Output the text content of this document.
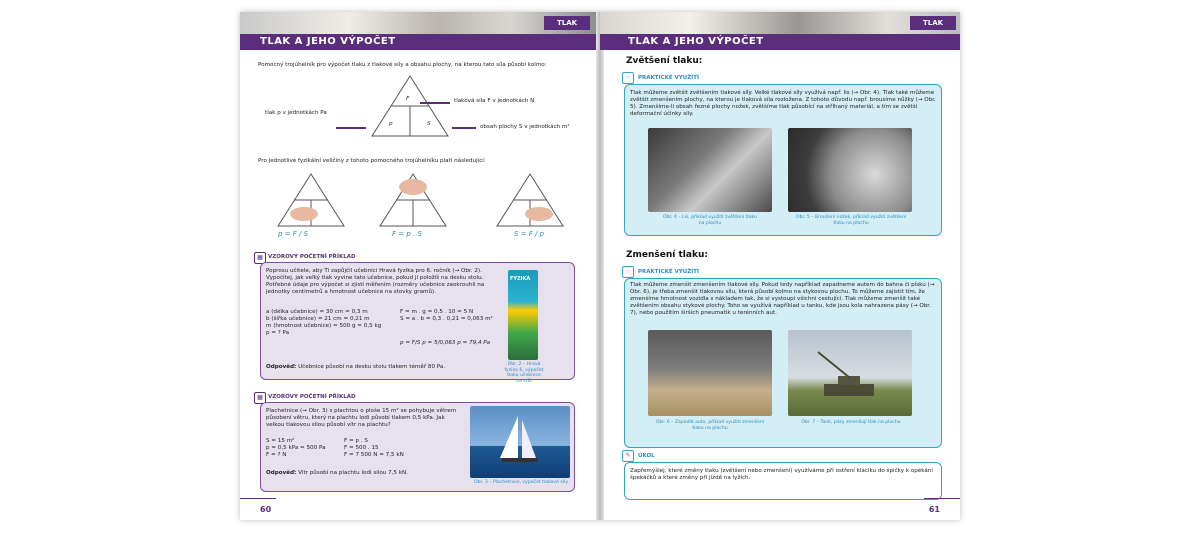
TLAK
TLAK A JEHO VÝPOČET
Pomocný trojúhelník pro výpočet tlaku z tlakové síly a obsahu plochy, na kterou tato síla působí kolmo:
F
p	S
tlaková síla F v jednotkách N
tlak p v jednotkách Pa
obsah plochy S v jednotkách m²
Pro jednotlivé fyzikální veličiny z tohoto pomocného trojúhelníku platí následující:
p = F / S	F = p . S	S = F / p
▦ VZOROVÝ POČETNÍ PŘÍKLAD
Poprosu učitele, aby Ti zapůjčil učebnici Hravá fyzika pro 6. ročník (→ Obr. 2). Vypočítej, jak velký tlak vyvine tato učebnice, pokud ji položíš na desku stolu. Potřebné údaje pro výpočet si zjisti měřením (rozměry učebnice zaokrouhli na jednotky centimetrů a hmotnost učebnice na stovky gramů).
a (délka učebnice) = 30 cm = 0,3 m
b (šířka učebnice) = 21 cm = 0,21 m
m (hmotnost učebnice) = 500 g = 0,5 kg
p = ? Pa
F = m . g = 0,5 . 10 = 5 N
S = a . b = 0,3 . 0,21 = 0,063 m²
p = F/S p = 5/0,063 p = 79,4 Pa
Odpověď: Učebnice působí na desku stolu tlakem téměř 80 Pa.
FYZIKA
Obr. 2 – Hravá fyzika 6, výpočet tlaku učebnice na stůl
▦ VZOROVÝ POČETNÍ PŘÍKLAD
Plachetnice (→ Obr. 3) s plachtou o ploše 15 m² se pohybuje větrem působení větru, který na plachtu lodi působí tlakem 0,5 kPa. Jak velkou tlakovou silou působí vítr na plachtu?
S = 15 m²
p = 0,5 kPa = 500 Pa
F = ? N
F = p . S
F = 500 . 15
F = 7 500 N = 7,5 kN
Odpověď: Vítr působí na plachtu lodi silou 7,5 kN.
Obr. 3 – Plachetnice, výpočet tlakové síly
60
TLAK
TLAK A JEHO VÝPOČET
Zvětšení tlaku:
☝	PRAKTICKÉ VYUŽITÍ
Tlak můžeme zvětšit zvětšením tlakové síly. Velké tlakové síly využívá např. lis (→ Obr. 4). Tlak také můžeme zvětšit zmenšením plochy, na kterou je tlaková síla rozložena. Z tohoto důvodu např. brousíme nůžky (→ Obr. 5). Zmenšíme-li obsah řezné plochy nožek, zvětšíme tlak působící na stříhaný materiál, a tím se zvětší deformační účinky síly.
Obr. 4 – Lis, příklad využití zvětšení tlaku na plochu
Obr. 5 – Broušení nožek, příklad využití zvětšení tlaku na plochu
Zmenšení tlaku:
☝	PRAKTICKÉ VYUŽITÍ
Tlak můžeme zmenšit zmenšením tlakové síly. Pokud tedy například zapadneme autem do bahna či písku (→ Obr. 6), je třeba zmenšit tlakovou sílu, která působí kolmo na stykovou plochu. To můžeme zajistit tím, že zmenšíme hmotnost vozidla s nákladem tak, že si vystoupí všichni cestující. Tlak můžeme zmenšit také zvětšením obsahu stykové plochy. Toho se využívá například u tanku, kde jsou kola nahrazena pásy (→ Obr. 7), nebo použitím širších pneumatik u terénních aut.
Obr. 6 – Zapadlé auto, příklad využití zmenšení tlaku na plochu
Obr. 7 – Tank, pásy zmenšují tlak na plochu
✎	ÚKOL
Zapřemýšlej, které změny tlaku (zvětšení nebo zmenšení) využíváme při ostření klacíku do špičky k opékání špekáčků a které změny při jízdě na lyžích.
61
